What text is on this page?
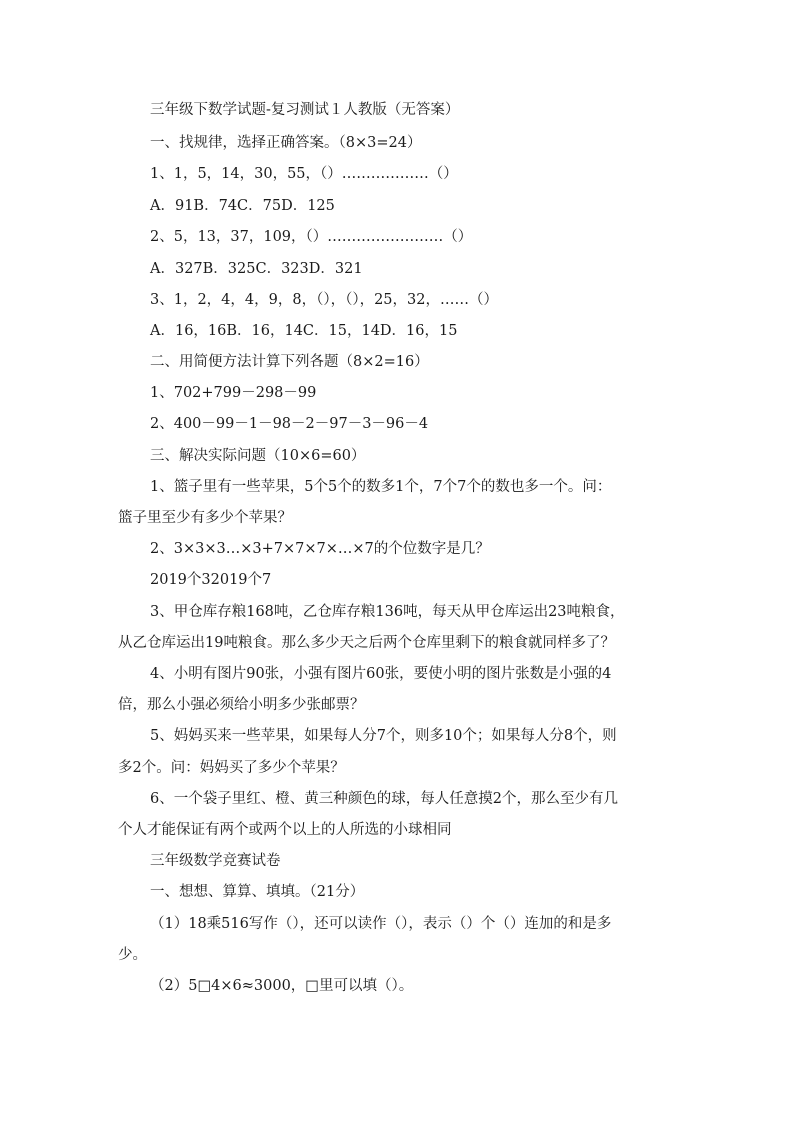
三年级下数学试题-复习测试１人教版（无答案）
一、找规律，选择正确答案。（8×3=24）
1、1，5，14，30，55，（）………………（）
A．91B．74C．75D．125
2、5，13，37，109，（）……………………（）
A．327B．325C．323D．321
3、1，2，4，4，9，8，（），（），25，32，……（）
A．16，16B．16，14C．15，14D．16，15
二、用简便方法计算下列各题（8×2=16）
1、702+799－298－99
2、400－99－1－98－2－97－3－96－4
三、解决实际问题（10×6=60）
1、篮子里有一些苹果，5个5个的数多1个，7个7个的数也多一个。问：
篮子里至少有多少个苹果？
2、3×3×3…×3+7×7×7×…×7的个位数字是几？
2019个32019个7
3、甲仓库存粮168吨，乙仓库存粮136吨，每天从甲仓库运出23吨粮食，
从乙仓库运出19吨粮食。那么多少天之后两个仓库里剩下的粮食就同样多了？
4、小明有图片90张，小强有图片60张，要使小明的图片张数是小强的4
倍，那么小强必须给小明多少张邮票？
5、妈妈买来一些苹果，如果每人分7个，则多10个；如果每人分8个，则
多2个。问：妈妈买了多少个苹果？
6、一个袋子里红、橙、黄三种颜色的球，每人任意摸2个，那么至少有几
个人才能保证有两个或两个以上的人所选的小球相同
三年级数学竞赛试卷
一、想想、算算、填填。（21分）
（1）18乘516写作（），还可以读作（），表示（）个（）连加的和是多
少。
（2）5□4×6≈3000，□里可以填（）。
